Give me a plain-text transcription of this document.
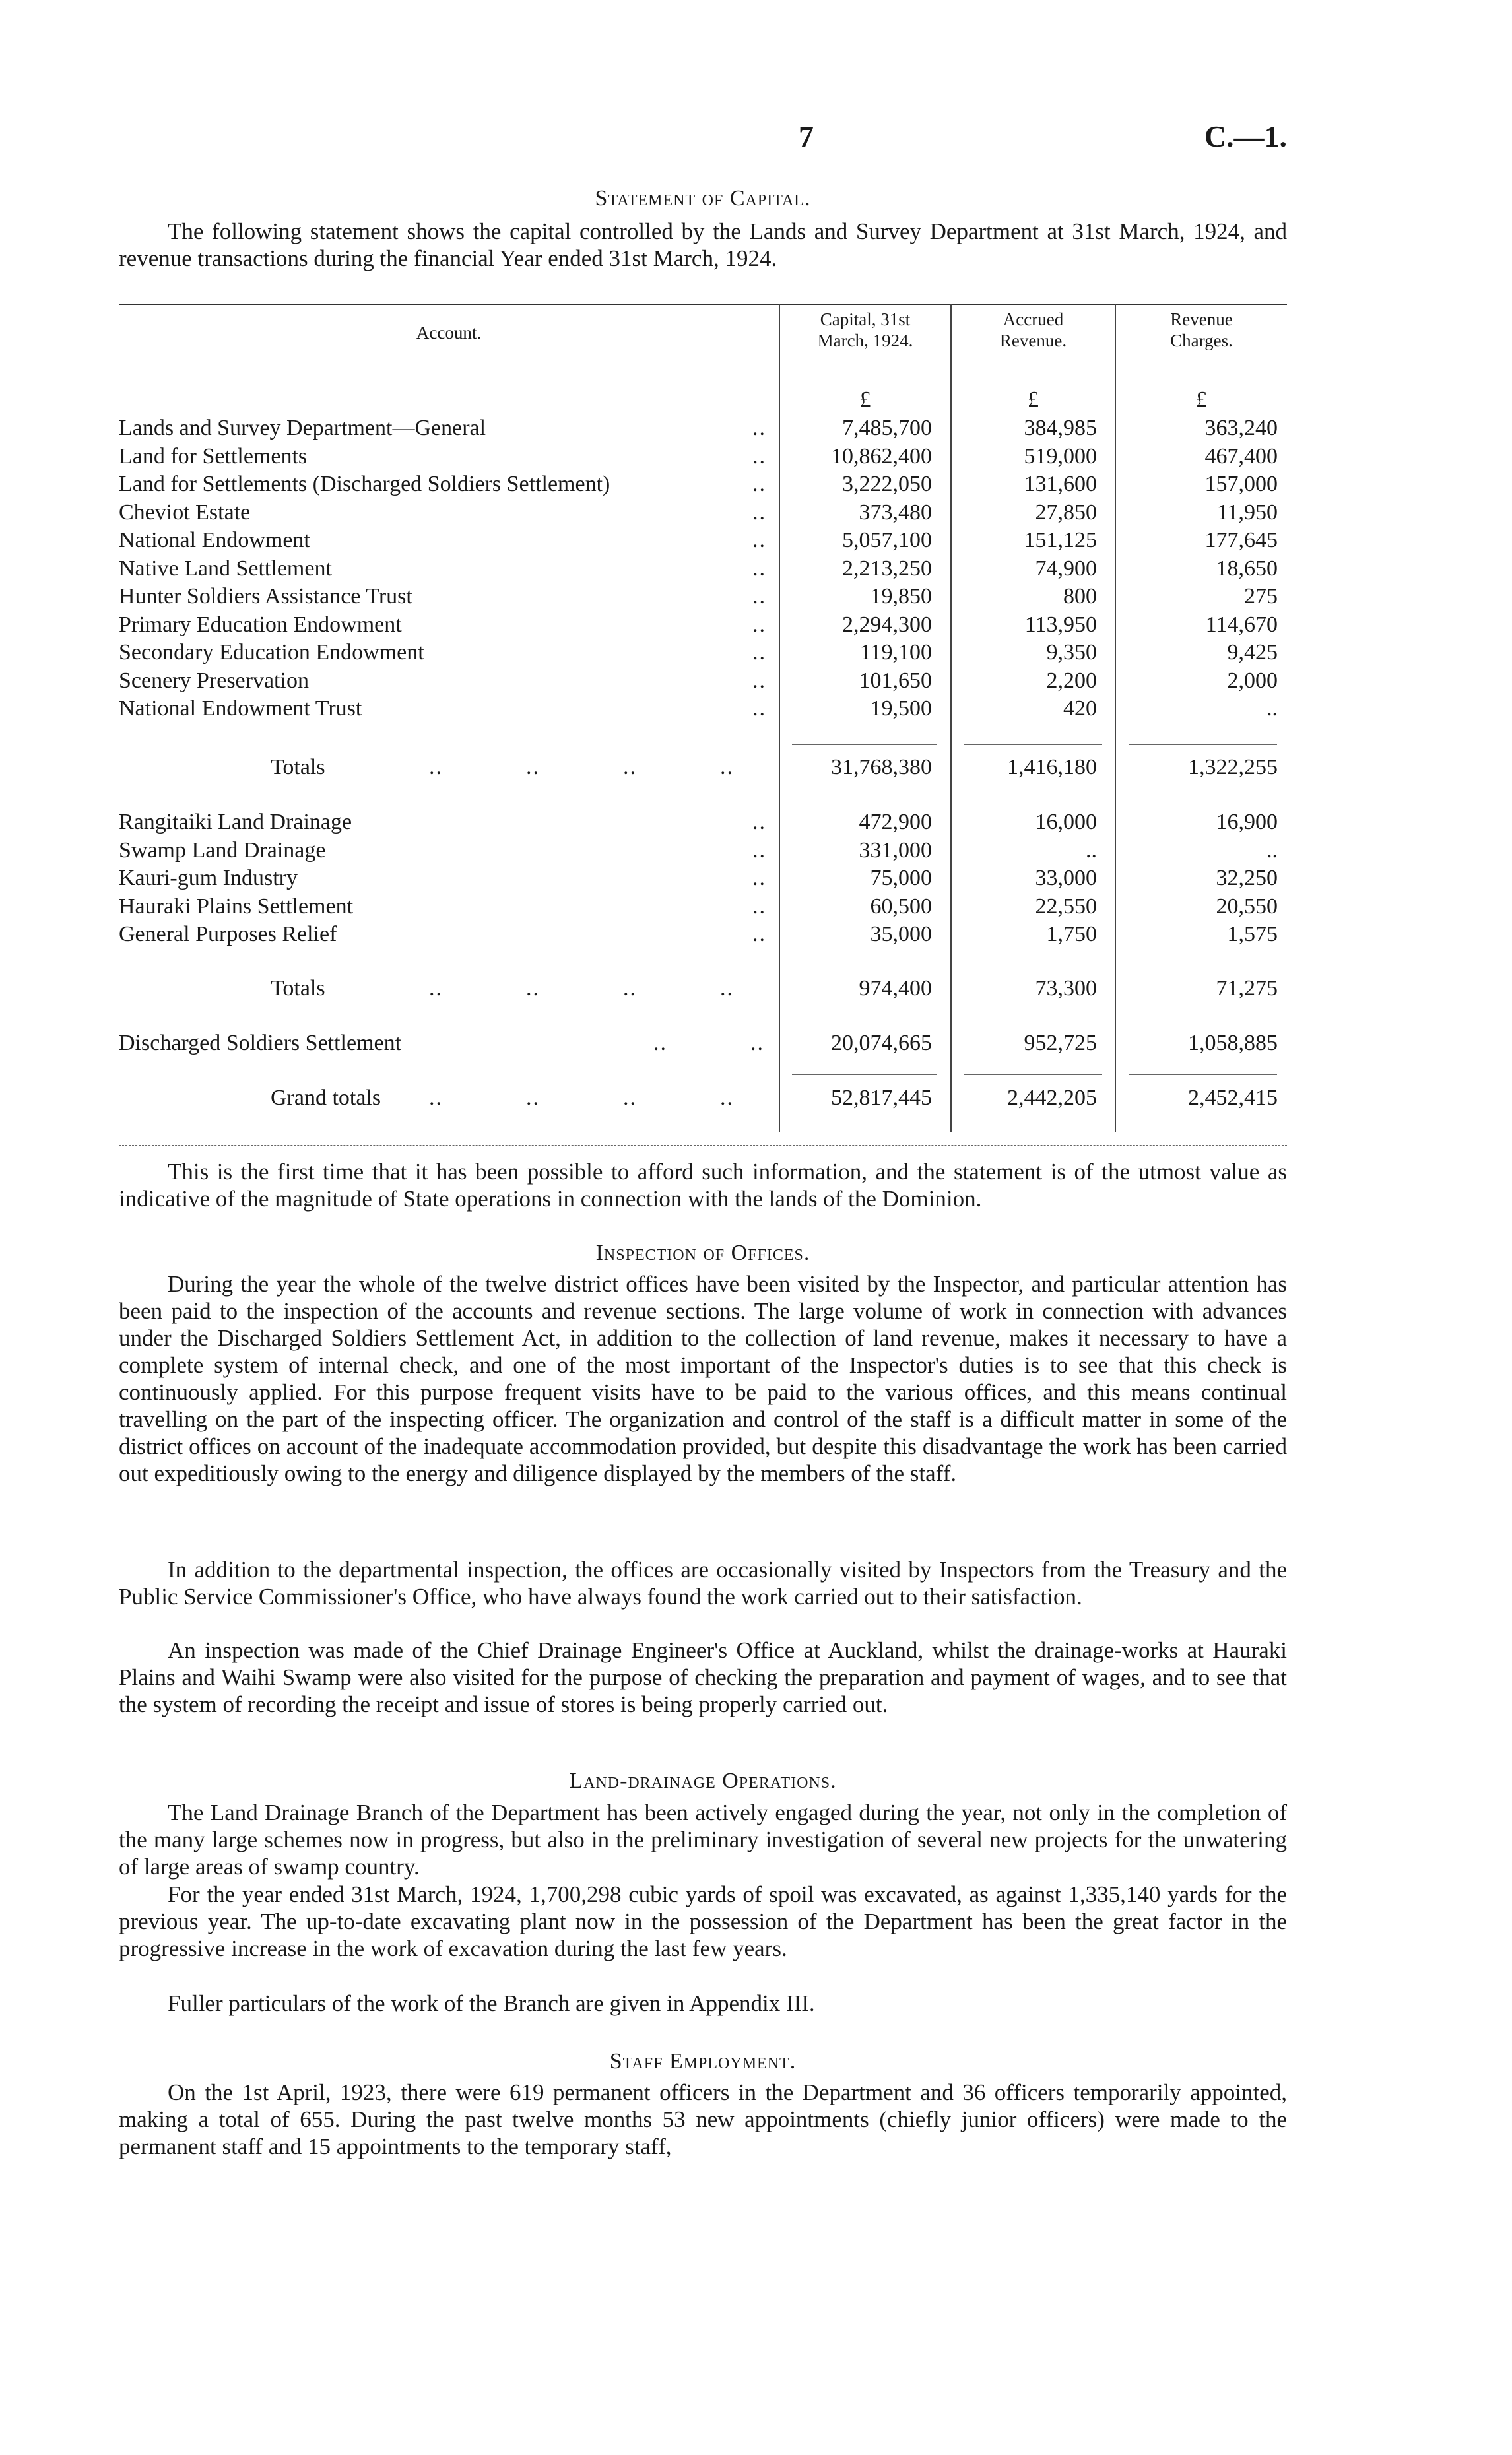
7	C.—1.
Statement of Capital.

The following statement shows the capital controlled by the Lands and Survey Department at 31st March, 1924, and revenue transactions during the financial Year ended 31st March, 1924.

Account.
Capital, 31st
March, 1924.
Accrued
Revenue.
Revenue
Charges.
£	£	£
Lands and Survey Department—General	..	7,485,700	384,985	363,240
Land for Settlements	..	10,862,400	519,000	467,400
Land for Settlements (Discharged Soldiers Settlement)	..	3,222,050	131,600	157,000
Cheviot Estate	..	373,480	27,850	11,950
National Endowment	..	5,057,100	151,125	177,645
Native Land Settlement	..	2,213,250	74,900	18,650
Hunter Soldiers Assistance Trust	..	19,850	800	275
Primary Education Endowment	..	2,294,300	113,950	114,670
Secondary Education Endowment	..	119,100	9,350	9,425
Scenery Preservation	..	101,650	2,200	2,000
National Endowment Trust	..	19,500	420	..
Totals	..            ..            ..            ..	31,768,380	1,416,180	1,322,255
Rangitaiki Land Drainage	..	472,900	16,000	16,900
Swamp Land Drainage	..	331,000	..	..
Kauri-gum Industry	..	75,000	33,000	32,250
Hauraki Plains Settlement	..	60,500	22,550	20,550
General Purposes Relief	..	35,000	1,750	1,575
Totals	..            ..            ..            ..	974,400	73,300	71,275
Discharged Soldiers Settlement	..            ..	20,074,665	952,725	1,058,885
Grand totals	..            ..            ..            ..	52,817,445	2,442,205	2,452,415

This is the first time that it has been possible to afford such information, and the statement is of the utmost value as indicative of the magnitude of State operations in connection with the lands of the Dominion.

Inspection of Offices.

During the year the whole of the twelve district offices have been visited by the Inspector, and particular attention has been paid to the inspection of the accounts and revenue sections. The large volume of work in connection with advances under the Discharged Soldiers Settlement Act, in addition to the collection of land revenue, makes it necessary to have a complete system of internal check, and one of the most important of the Inspector's duties is to see that this check is continuously applied. For this purpose frequent visits have to be paid to the various offices, and this means continual travelling on the part of the inspecting officer. The organization and control of the staff is a difficult matter in some of the district offices on account of the inadequate accommodation provided, but despite this disadvantage the work has been carried out expeditiously owing to the energy and diligence displayed by the members of the staff.

In addition to the departmental inspection, the offices are occasionally visited by Inspectors from the Treasury and the Public Service Commissioner's Office, who have always found the work carried out to their satisfaction.

An inspection was made of the Chief Drainage Engineer's Office at Auckland, whilst the drainage-works at Hauraki Plains and Waihi Swamp were also visited for the purpose of checking the preparation and payment of wages, and to see that the system of recording the receipt and issue of stores is being properly carried out.

Land-drainage Operations.

The Land Drainage Branch of the Department has been actively engaged during the year, not only in the completion of the many large schemes now in progress, but also in the preliminary investigation of several new projects for the unwatering of large areas of swamp country.

For the year ended 31st March, 1924, 1,700,298 cubic yards of spoil was excavated, as against 1,335,140 yards for the previous year. The up-to-date excavating plant now in the possession of the Department has been the great factor in the progressive increase in the work of excavation during the last few years.

Fuller particulars of the work of the Branch are given in Appendix III.

Staff Employment.

On the 1st April, 1923, there were 619 permanent officers in the Department and 36 officers temporarily appointed, making a total of 655. During the past twelve months 53 new appointments (chiefly junior officers) were made to the permanent staff and 15 appointments to the temporary staff,
